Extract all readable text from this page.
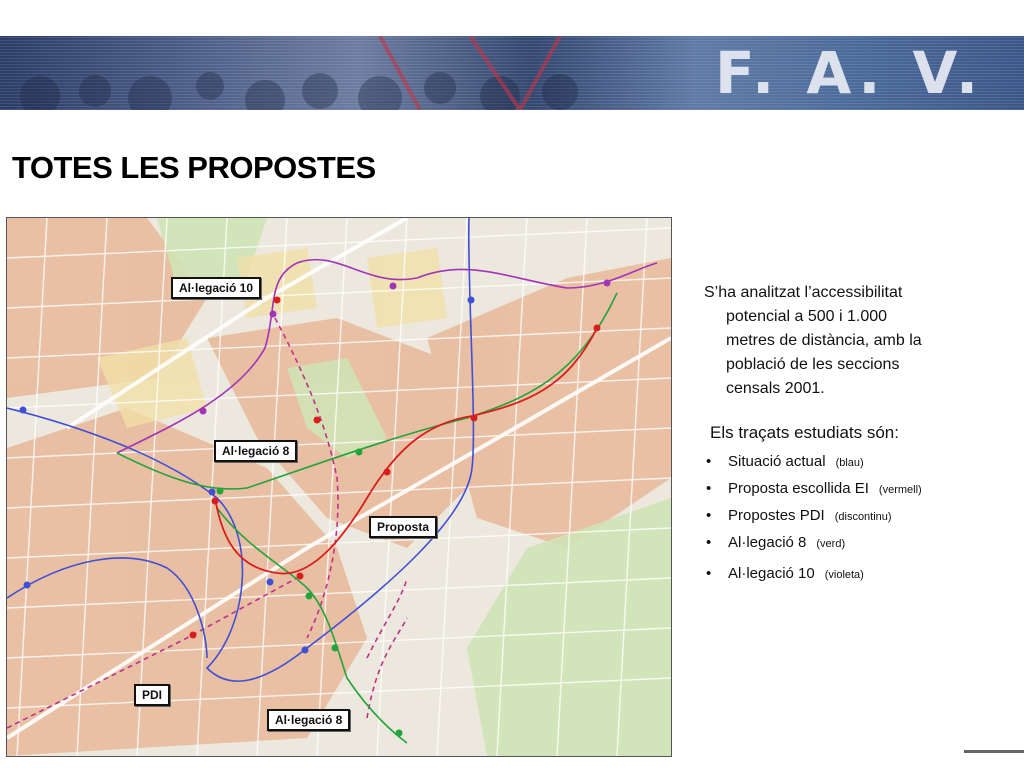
F. A. V.
TOTES LES PROPOSTES
Al·legació 10
Al·legació 8
Proposta
PDI
Al·legació 8
S’ha analitzat l’accessibilitat
potencial a 500 i 1.000
metres de distància, amb la
població de les seccions
censals 2001.
Els traçats estudiats són:
• Situació actual (blau)
• Proposta escollida EI (vermell)
• Propostes PDI (discontinu)
• Al·legació 8 (verd)
• Al·legació 10 (violeta)
